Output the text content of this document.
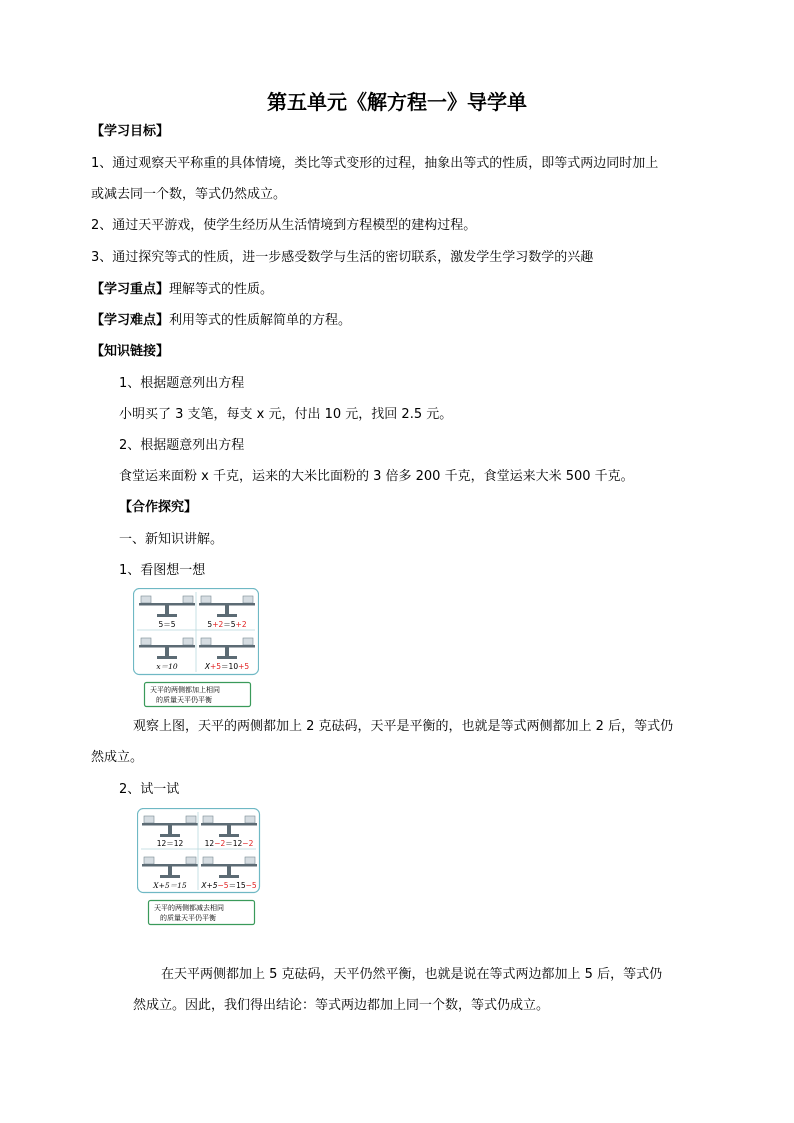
第五单元《解方程一》导学单
【学习目标】
1、通过观察天平称重的具体情境，类比等式变形的过程，抽象出等式的性质，即等式两边同时加上
或减去同一个数，等式仍然成立。
2、通过天平游戏，使学生经历从生活情境到方程模型的建构过程。
3、通过探究等式的性质，进一步感受数学与生活的密切联系，激发学生学习数学的兴趣
【学习重点】理解等式的性质。
【学习难点】利用等式的性质解简单的方程。
【知识链接】
1、根据题意列出方程
小明买了 3 支笔，每支 x 元，付出 10 元，找回 2.5 元。
2、根据题意列出方程
食堂运来面粉 x 千克，运来的大米比面粉的 3 倍多 200 千克，食堂运来大米 500 千克。
【合作探究】
一、新知识讲解。
1、看图想一想
5＝5	5+2＝5+2
x＝10	X+5＝10+5
天平的两侧都加上相同
的质量天平仍平衡
观察上图，天平的两侧都加上 2 克砝码，天平是平衡的，也就是等式两侧都加上 2 后，等式仍
然成立。
2、试一试
12＝12	12−2＝12−2
X+5＝15 X+5−5＝15−5
天平的两侧都减去相同
的质量天平仍平衡
在天平两侧都加上 5 克砝码，天平仍然平衡，也就是说在等式两边都加上 5 后，等式仍
然成立。因此，我们得出结论：等式两边都加上同一个数，等式仍成立。
